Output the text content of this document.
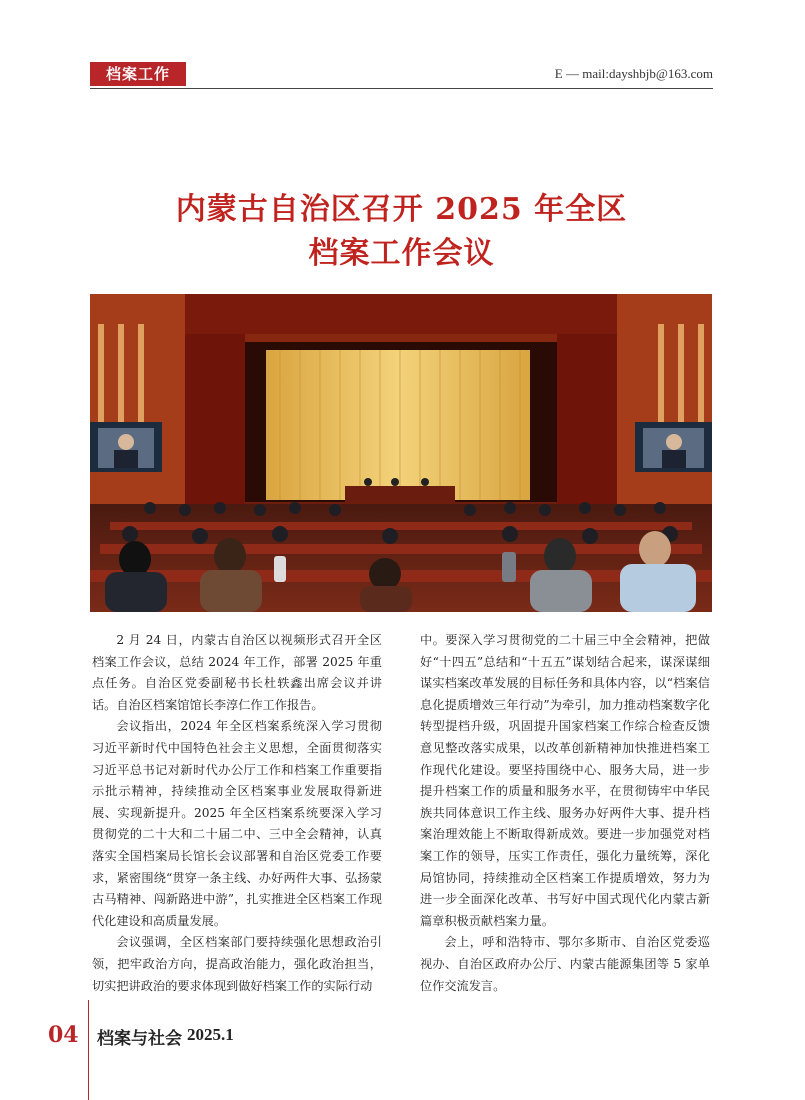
档案工作	E — mail:dayshbjb@163.com
内蒙古自治区召开 2025 年全区
档案工作会议

2 月 24 日，内蒙古自治区以视频形式召开全区档案工作会议，总结 2024 年工作，部署 2025 年重点任务。自治区党委副秘书长杜轶鑫出席会议并讲话。自治区档案馆馆长李淳仁作工作报告。

会议指出，2024 年全区档案系统深入学习贯彻习近平新时代中国特色社会主义思想，全面贯彻落实习近平总书记对新时代办公厅工作和档案工作重要指示批示精神，持续推动全区档案事业发展取得新进展、实现新提升。2025 年全区档案系统要深入学习贯彻党的二十大和二十届二中、三中全会精神，认真落实全国档案局长馆长会议部署和自治区党委工作要求，紧密围绕“贯穿一条主线、办好两件大事、弘扬蒙古马精神、闯新路进中游”，扎实推进全区档案工作现代化建设和高质量发展。

会议强调，全区档案部门要持续强化思想政治引领，把牢政治方向，提高政治能力，强化政治担当，切实把讲政治的要求体现到做好档案工作的实际行动

中。要深入学习贯彻党的二十届三中全会精神，把做好“十四五”总结和“十五五”谋划结合起来，谋深谋细谋实档案改革发展的目标任务和具体内容，以“档案信息化提质增效三年行动”为牵引，加力推动档案数字化转型提档升级，巩固提升国家档案工作综合检查反馈意见整改落实成果，以改革创新精神加快推进档案工作现代化建设。要坚持围绕中心、服务大局，进一步提升档案工作的质量和服务水平，在贯彻铸牢中华民族共同体意识工作主线、服务办好两件大事、提升档案治理效能上不断取得新成效。要进一步加强党对档案工作的领导，压实工作责任，强化力量统筹，深化局馆协同，持续推动全区档案工作提质增效，努力为进一步全面深化改革、书写好中国式现代化内蒙古新篇章积极贡献档案力量。

会上，呼和浩特市、鄂尔多斯市、自治区党委巡视办、自治区政府办公厅、内蒙古能源集团等 5 家单位作交流发言。

04 档案与社会 2025.1
